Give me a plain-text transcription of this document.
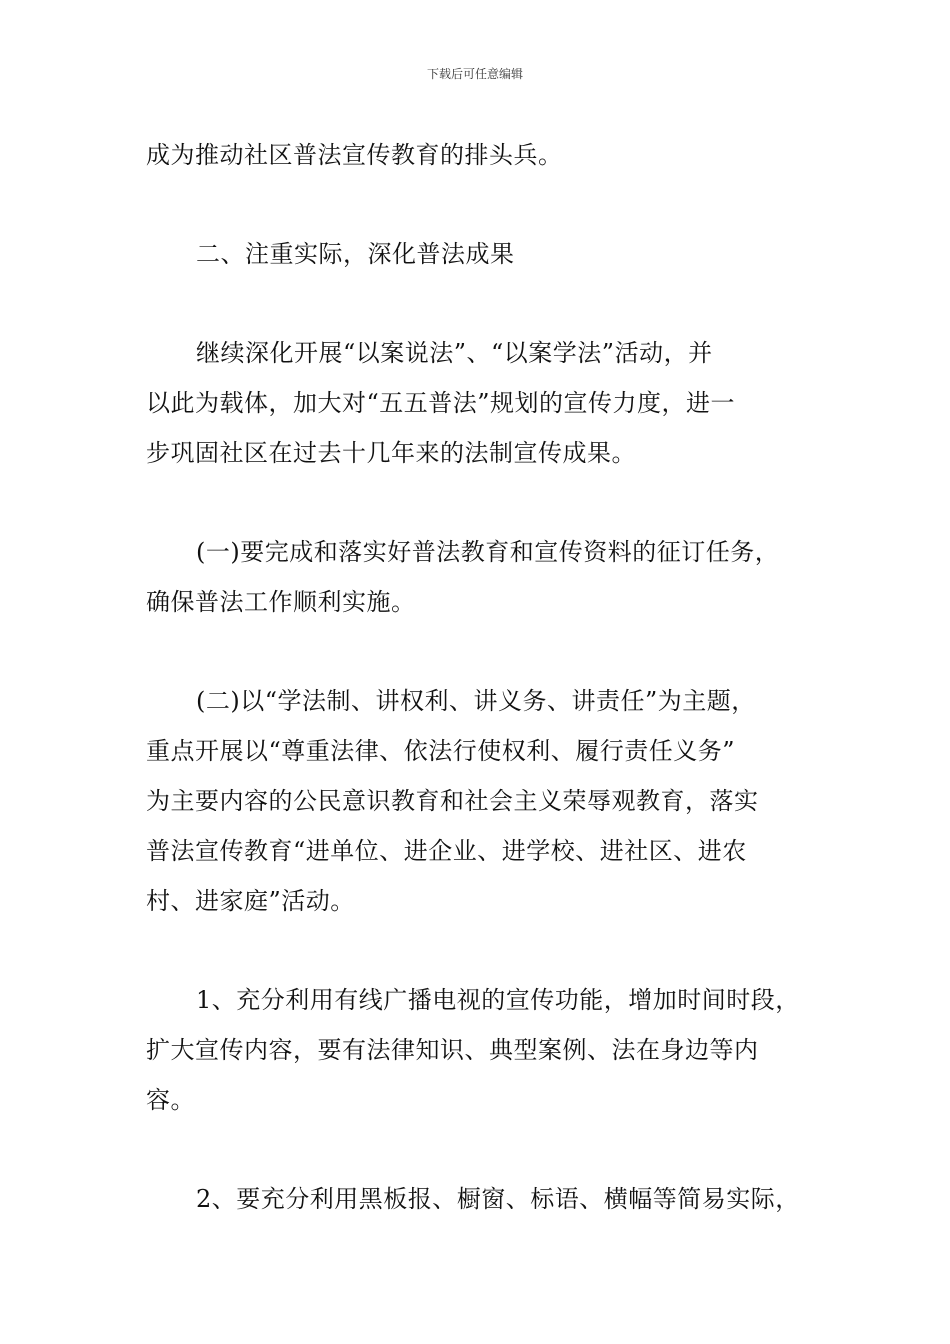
下载后可任意编辑

成为推动社区普法宣传教育的排头兵。

二、注重实际，深化普法成果

继续深化开展“以案说法”、“以案学法”活动，并
以此为载体，加大对“五五普法”规划的宣传力度，进一
步巩固社区在过去十几年来的法制宣传成果。

(一)要完成和落实好普法教育和宣传资料的征订任务，
确保普法工作顺利实施。

(二)以“学法制、讲权利、讲义务、讲责任”为主题，
重点开展以“尊重法律、依法行使权利、履行责任义务”
为主要内容的公民意识教育和社会主义荣辱观教育，落实
普法宣传教育“进单位、进企业、进学校、进社区、进农
村、进家庭”活动。

1、充分利用有线广播电视的宣传功能，增加时间时段，
扩大宣传内容，要有法律知识、典型案例、法在身边等内
容。

2、要充分利用黑板报、橱窗、标语、横幅等简易实际，
